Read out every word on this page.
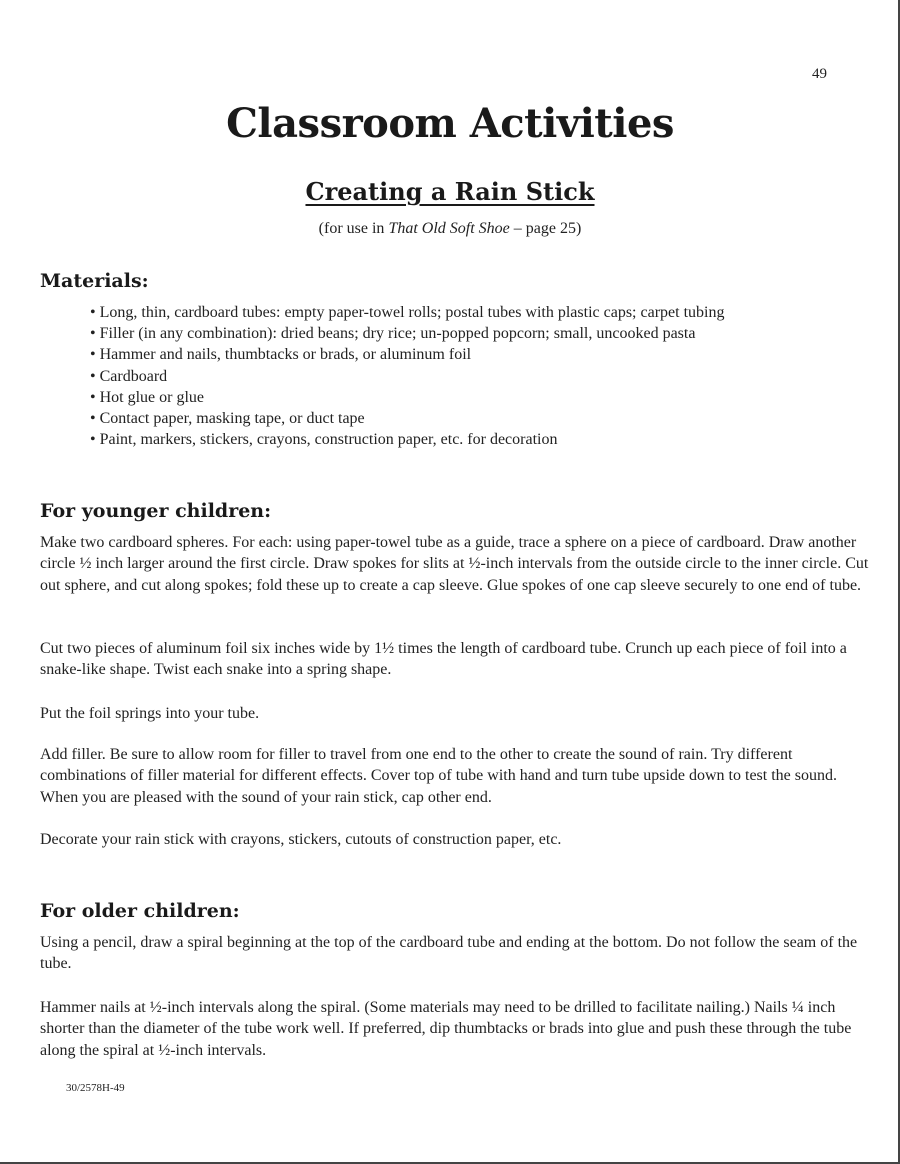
49
Classroom Activities
Creating a Rain Stick
(for use in That Old Soft Shoe – page 25)
Materials:
• Long, thin, cardboard tubes: empty paper-towel rolls; postal tubes with plastic caps; carpet tubing
• Filler (in any combination): dried beans; dry rice; un-popped popcorn; small, uncooked pasta
• Hammer and nails, thumbtacks or brads, or aluminum foil
• Cardboard
• Hot glue or glue
• Contact paper, masking tape, or duct tape
• Paint, markers, stickers, crayons, construction paper, etc. for decoration
For younger children:

Make two cardboard spheres. For each: using paper-towel tube as a guide, trace a sphere on a piece of cardboard. Draw another circle ½ inch larger around the first circle. Draw spokes for slits at ½-inch intervals from the outside circle to the inner circle. Cut out sphere, and cut along spokes; fold these up to create a cap sleeve. Glue spokes of one cap sleeve securely to one end of tube.

Cut two pieces of aluminum foil six inches wide by 1½ times the length of cardboard tube. Crunch up each piece of foil into a snake-like shape. Twist each snake into a spring shape.

Put the foil springs into your tube.

Add filler. Be sure to allow room for filler to travel from one end to the other to create the sound of rain. Try different combinations of filler material for different effects. Cover top of tube with hand and turn tube upside down to test the sound. When you are pleased with the sound of your rain stick, cap other end.

Decorate your rain stick with crayons, stickers, cutouts of construction paper, etc.

For older children:

Using a pencil, draw a spiral beginning at the top of the cardboard tube and ending at the bottom. Do not follow the seam of the tube.

Hammer nails at ½-inch intervals along the spiral. (Some materials may need to be drilled to facilitate nailing.) Nails ¼ inch shorter than the diameter of the tube work well. If preferred, dip thumbtacks or brads into glue and push these through the tube along the spiral at ½-inch intervals.

30/2578H-49
